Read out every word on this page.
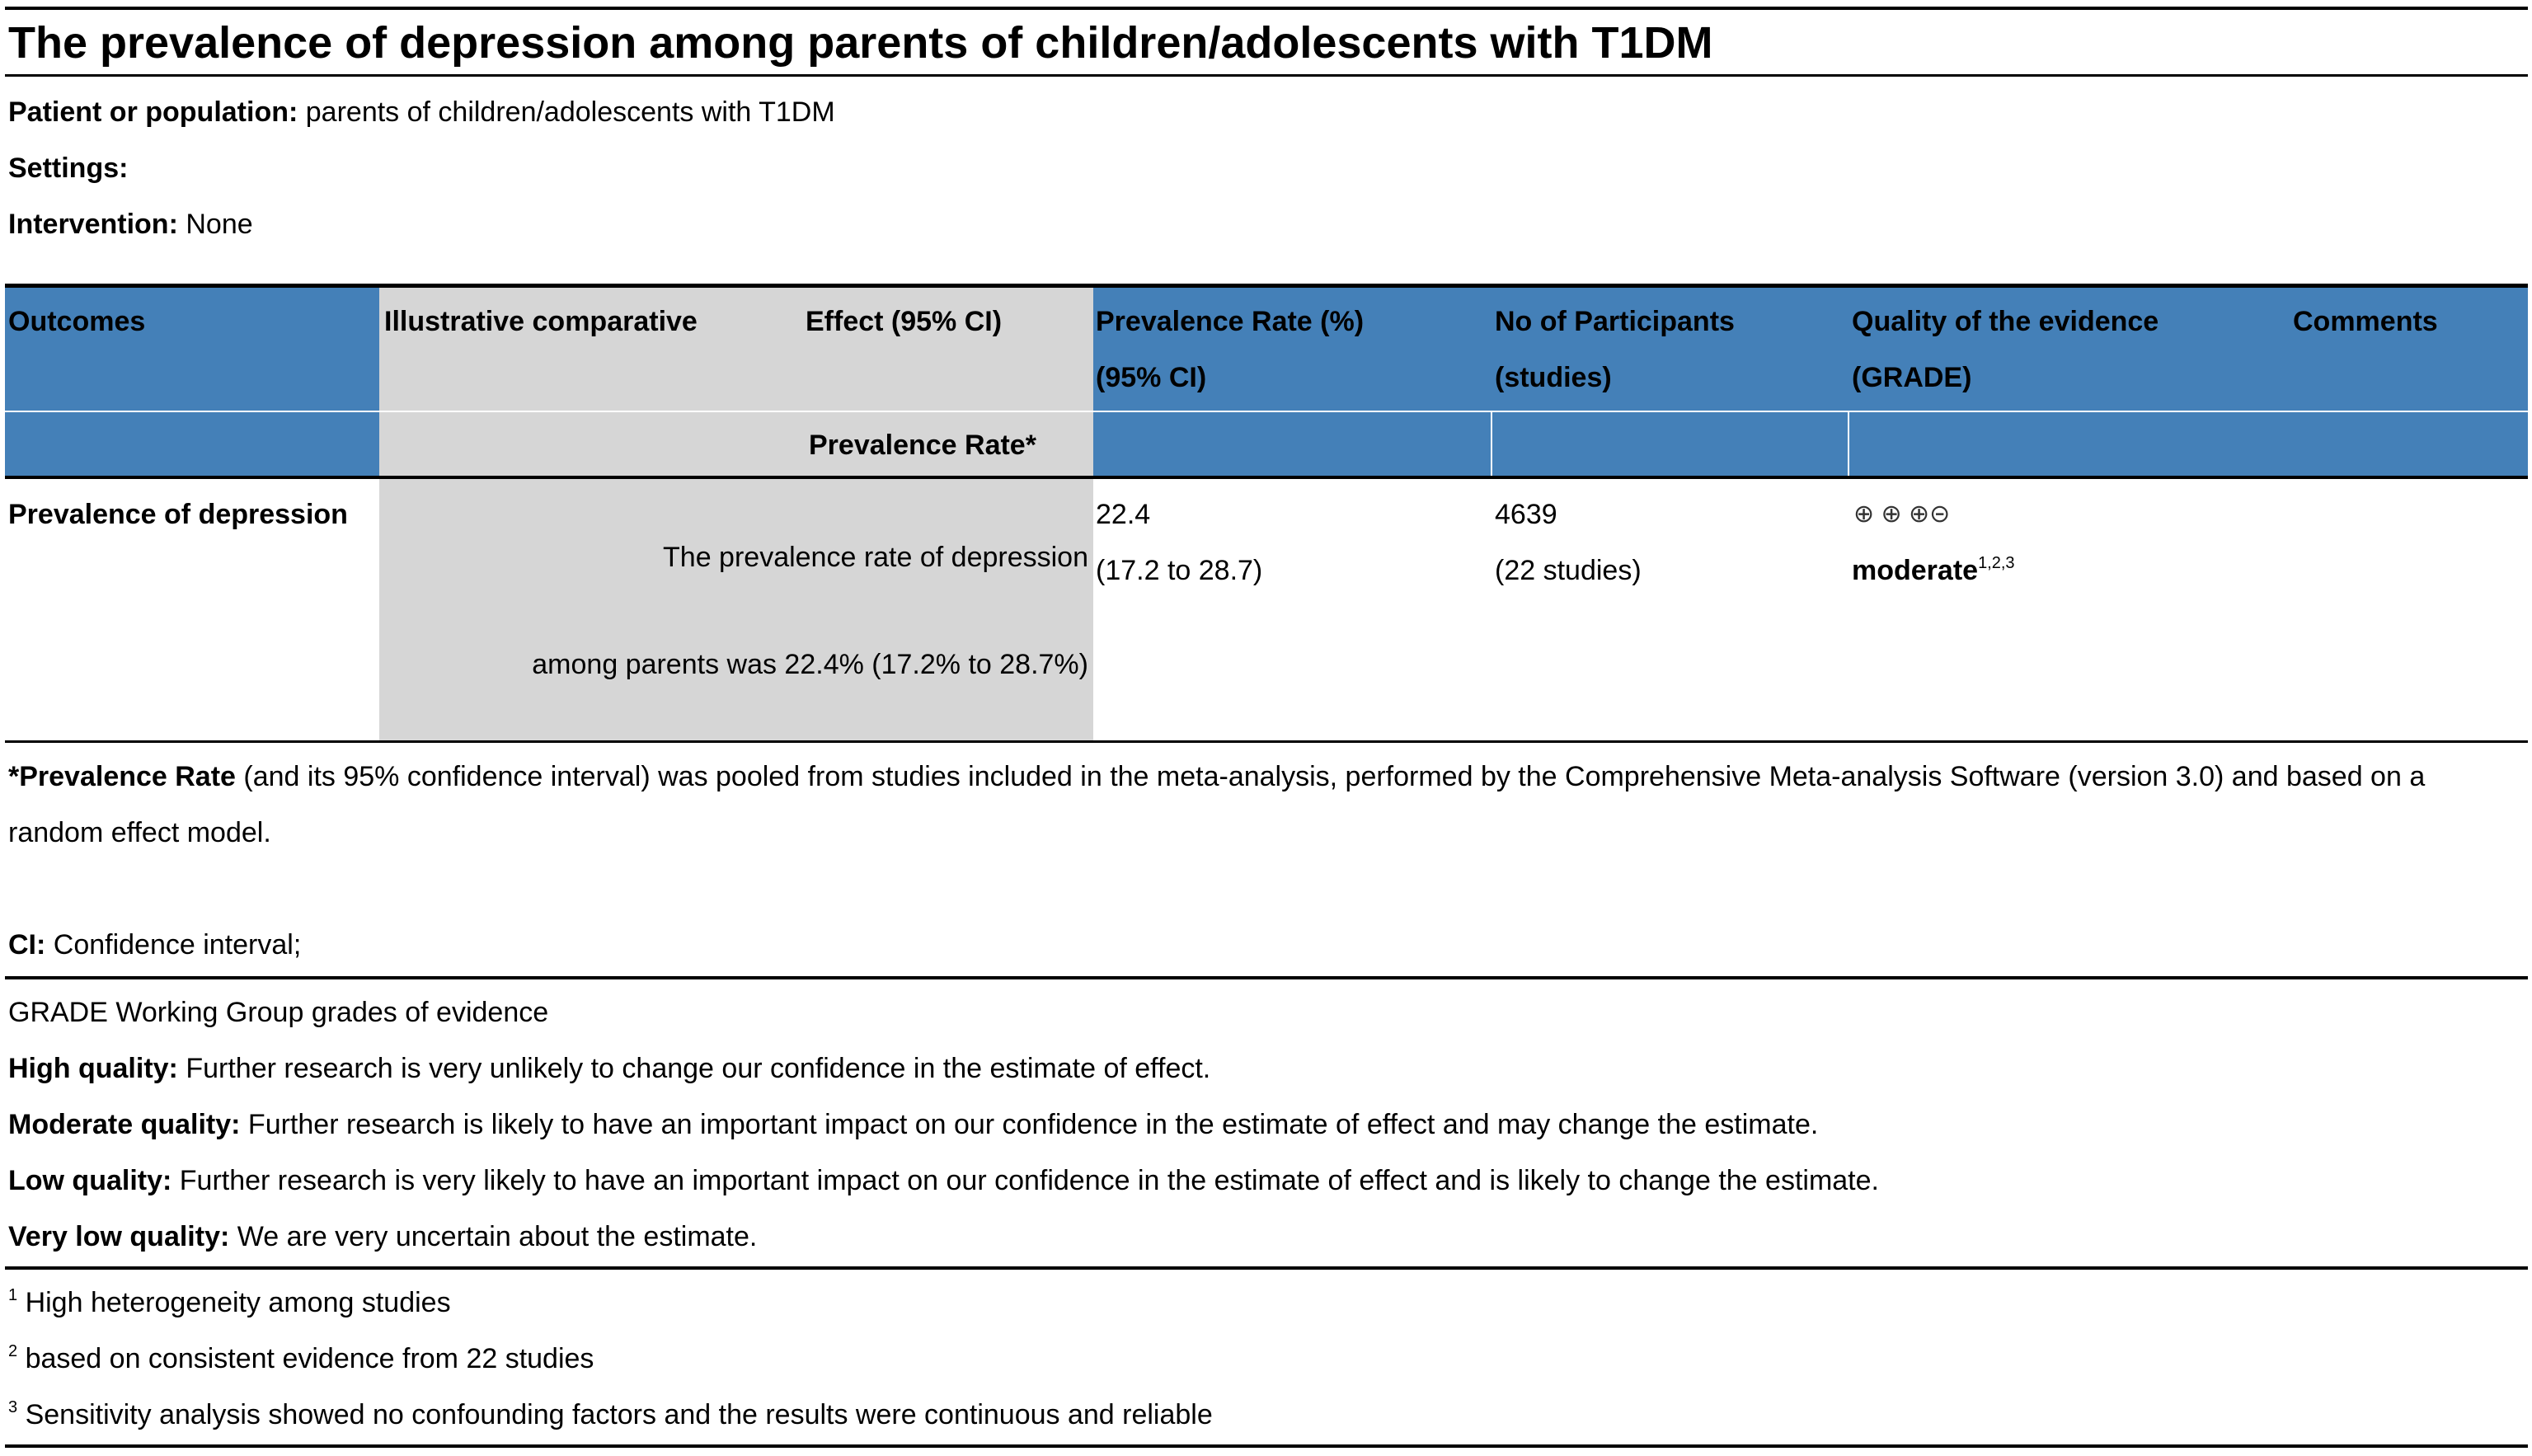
The prevalence of depression among parents of children/adolescents with T1DM
Patient or population: parents of children/adolescents with T1DM
Settings:
Intervention: None
Outcomes	Illustrative comparative	Effect (95% CI)
Prevalence Rate*
Prevalence Rate (%)
(95% CI)
No of Participants
(studies)
Quality of the evidence
(GRADE)
Comments
Prevalence of depression
The prevalence rate of depression
among parents was 22.4% (17.2% to 28.7%)
22.4
(17.2 to 28.7)
4639
(22 studies)
⊕ ⊕ ⊕⊝
moderate$^{1,2,3}$
*Prevalence Rate (and its 95% confidence interval) was pooled from studies included in the meta-analysis, performed by the Comprehensive Meta-analysis Software (version 3.0) and based on a
random effect model.
CI: Confidence interval;
GRADE Working Group grades of evidence
High quality: Further research is very unlikely to change our confidence in the estimate of effect.
Moderate quality: Further research is likely to have an important impact on our confidence in the estimate of effect and may change the estimate.
Low quality: Further research is very likely to have an important impact on our confidence in the estimate of effect and is likely to change the estimate.
Very low quality: We are very uncertain about the estimate.
$^1$ High heterogeneity among studies
$^2$ based on consistent evidence from 22 studies
$^3$ Sensitivity analysis showed no confounding factors and the results were continuous and reliable
